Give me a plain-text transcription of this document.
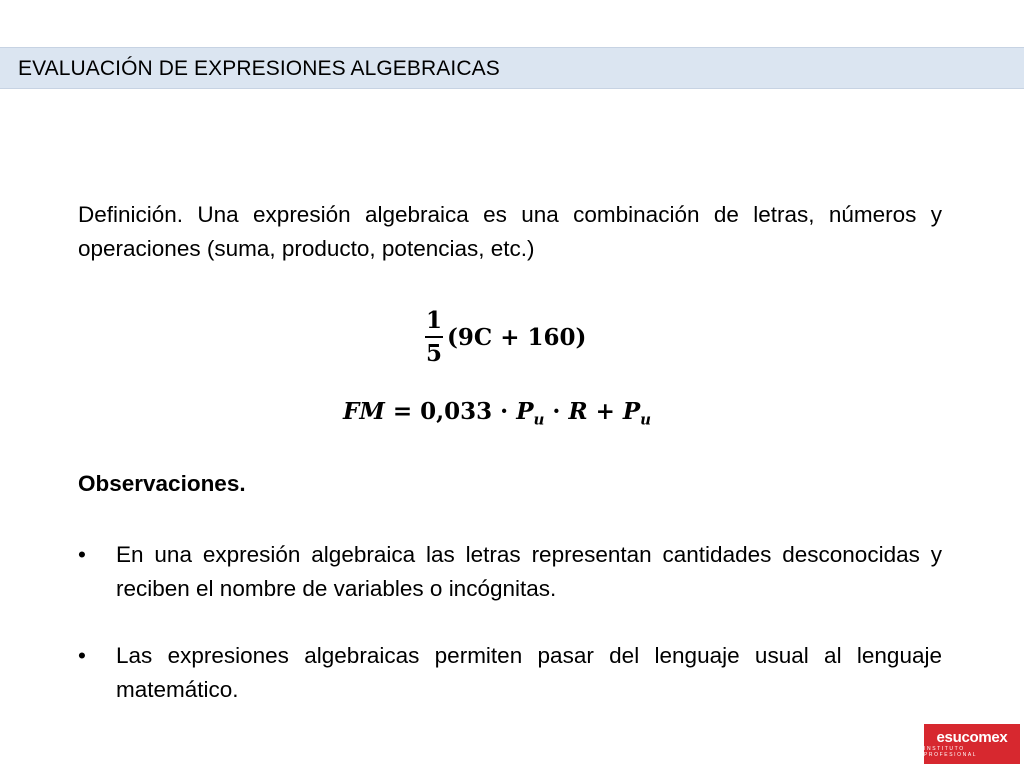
EVALUACIÓN DE EXPRESIONES ALGEBRAICAS
Definición. Una expresión algebraica es una combinación de letras, números y operaciones (suma, producto, potencias, etc.)
$\frac{1}{5} (9C + 160)$
FM = $0,033 \cdot P_u \cdot R + P_u$
Observaciones.
•	En una expresión algebraica las letras representan cantidades desconocidas y reciben el nombre de variables o incógnitas.
•	Las expresiones algebraicas permiten pasar del lenguaje usual al lenguaje matemático.
esucomex
INSTITUTO PROFESIONAL
